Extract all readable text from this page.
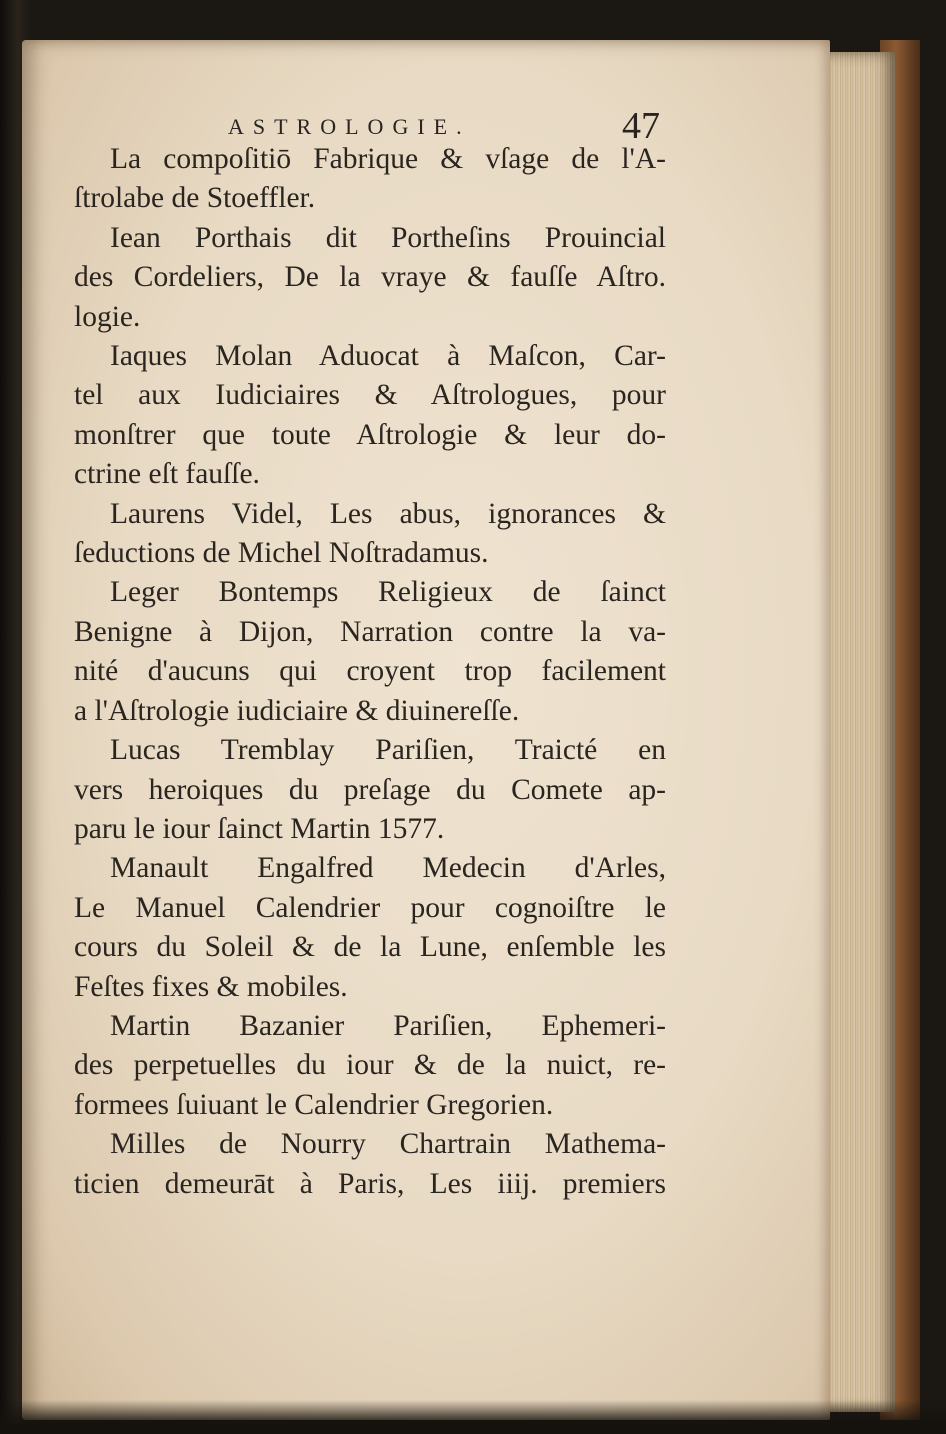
ASTROLOGIE.	47
La compoſitiō Fabrique & vſage de l'A-
ſtrolabe de Stoeffler.
Iean Porthais dit Portheſins Prouincial
des Cordeliers, De la vraye & fauſſe Aſtro.
logie.
Iaques Molan Aduocat à Maſcon, Car-
tel aux Iudiciaires & Aſtrologues, pour
monſtrer que toute Aſtrologie & leur do-
ctrine eſt fauſſe.
Laurens Videl, Les abus, ignorances &
ſeductions de Michel Noſtradamus.
Leger Bontemps Religieux de ſainct
Benigne à Dijon, Narration contre la va-
nité d'aucuns qui croyent trop facilement
a l'Aſtrologie iudiciaire & diuinereſſe.
Lucas Tremblay Pariſien, Traicté en
vers heroiques du preſage du Comete ap-
paru le iour ſainct Martin 1577.
Manault Engalfred Medecin d'Arles,
Le Manuel Calendrier pour cognoiſtre le
cours du Soleil & de la Lune, enſemble les
Feſtes fixes & mobiles.
Martin Bazanier Pariſien, Ephemeri-
des perpetuelles du iour & de la nuict, re-
formees ſuiuant le Calendrier Gregorien.
Milles de Nourry Chartrain Mathema-
ticien demeurāt à Paris, Les iiij. premiers
